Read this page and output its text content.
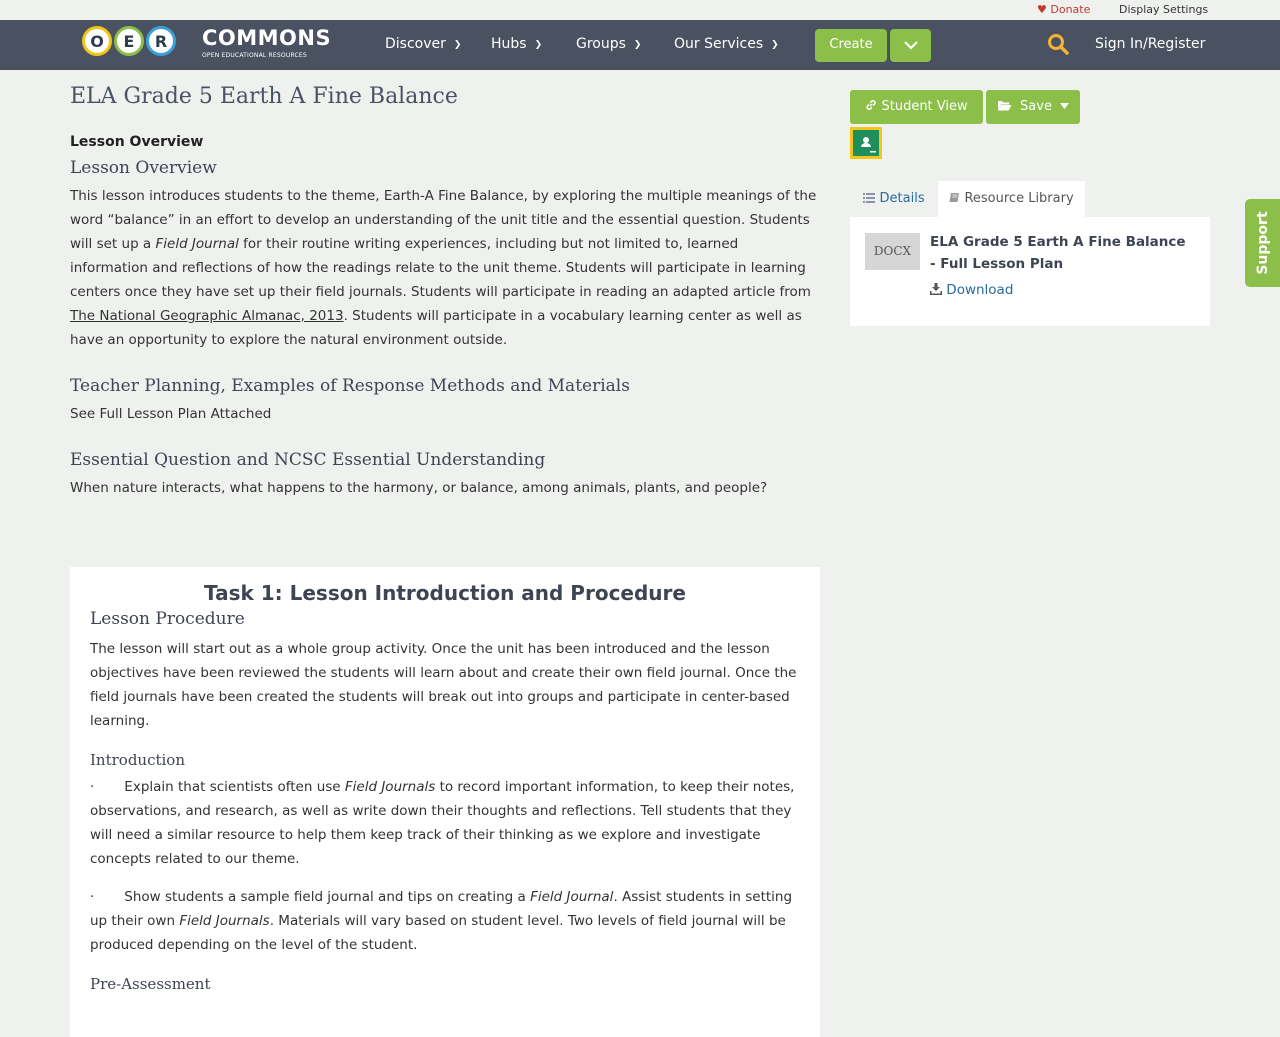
♥ Donate	Display Settings
O	E	R	COMMONS
OPEN EDUCATIONAL RESOURCES
Discover ❯ Hubs ❯ Groups ❯ Our Services ❯	Create	Sign In/Register
ELA Grade 5 Earth A Fine Balance
Lesson Overview
Lesson Overview

This lesson introduces students to the theme, Earth-A Fine Balance, by exploring the multiple meanings of the word “balance” in an effort to develop an understanding of the unit title and the essential question. Students will set up a Field Journal for their routine writing experiences, including but not limited to, learned information and reflections of how the readings relate to the unit theme. Students will participate in learning centers once they have set up their field journals. Students will participate in reading an adapted article from The National Geographic Almanac, 2013. Students will participate in a vocabulary learning center as well as have an opportunity to explore the natural environment outside.

Teacher Planning, Examples of Response Methods and Materials

See Full Lesson Plan Attached

Essential Question and NCSC Essential Understanding

When nature interacts, what happens to the harmony, or balance, among animals, plants, and people?

Task 1: Lesson Introduction and Procedure
Lesson Procedure

The lesson will start out as a whole group activity. Once the unit has been introduced and the lesson objectives have been reviewed the students will learn about and create their own field journal. Once the field journals have been created the students will break out into groups and participate in center-based learning.

Introduction

· Explain that scientists often use Field Journals to record important information, to keep their notes, observations, and research, as well as write down their thoughts and reflections. Tell students that they will need a similar resource to help them keep track of their thinking as we explore and investigate concepts related to our theme.

· Show students a sample field journal and tips on creating a Field Journal. Assist students in setting up their own Field Journals. Materials will vary based on student level. Two levels of field journal will be produced depending on the level of the student.

Pre-Assessment
Student View	Save
Details	Resource Library
DOCX
ELA Grade 5 Earth A Fine Balance - Full Lesson Plan
Download
Support
